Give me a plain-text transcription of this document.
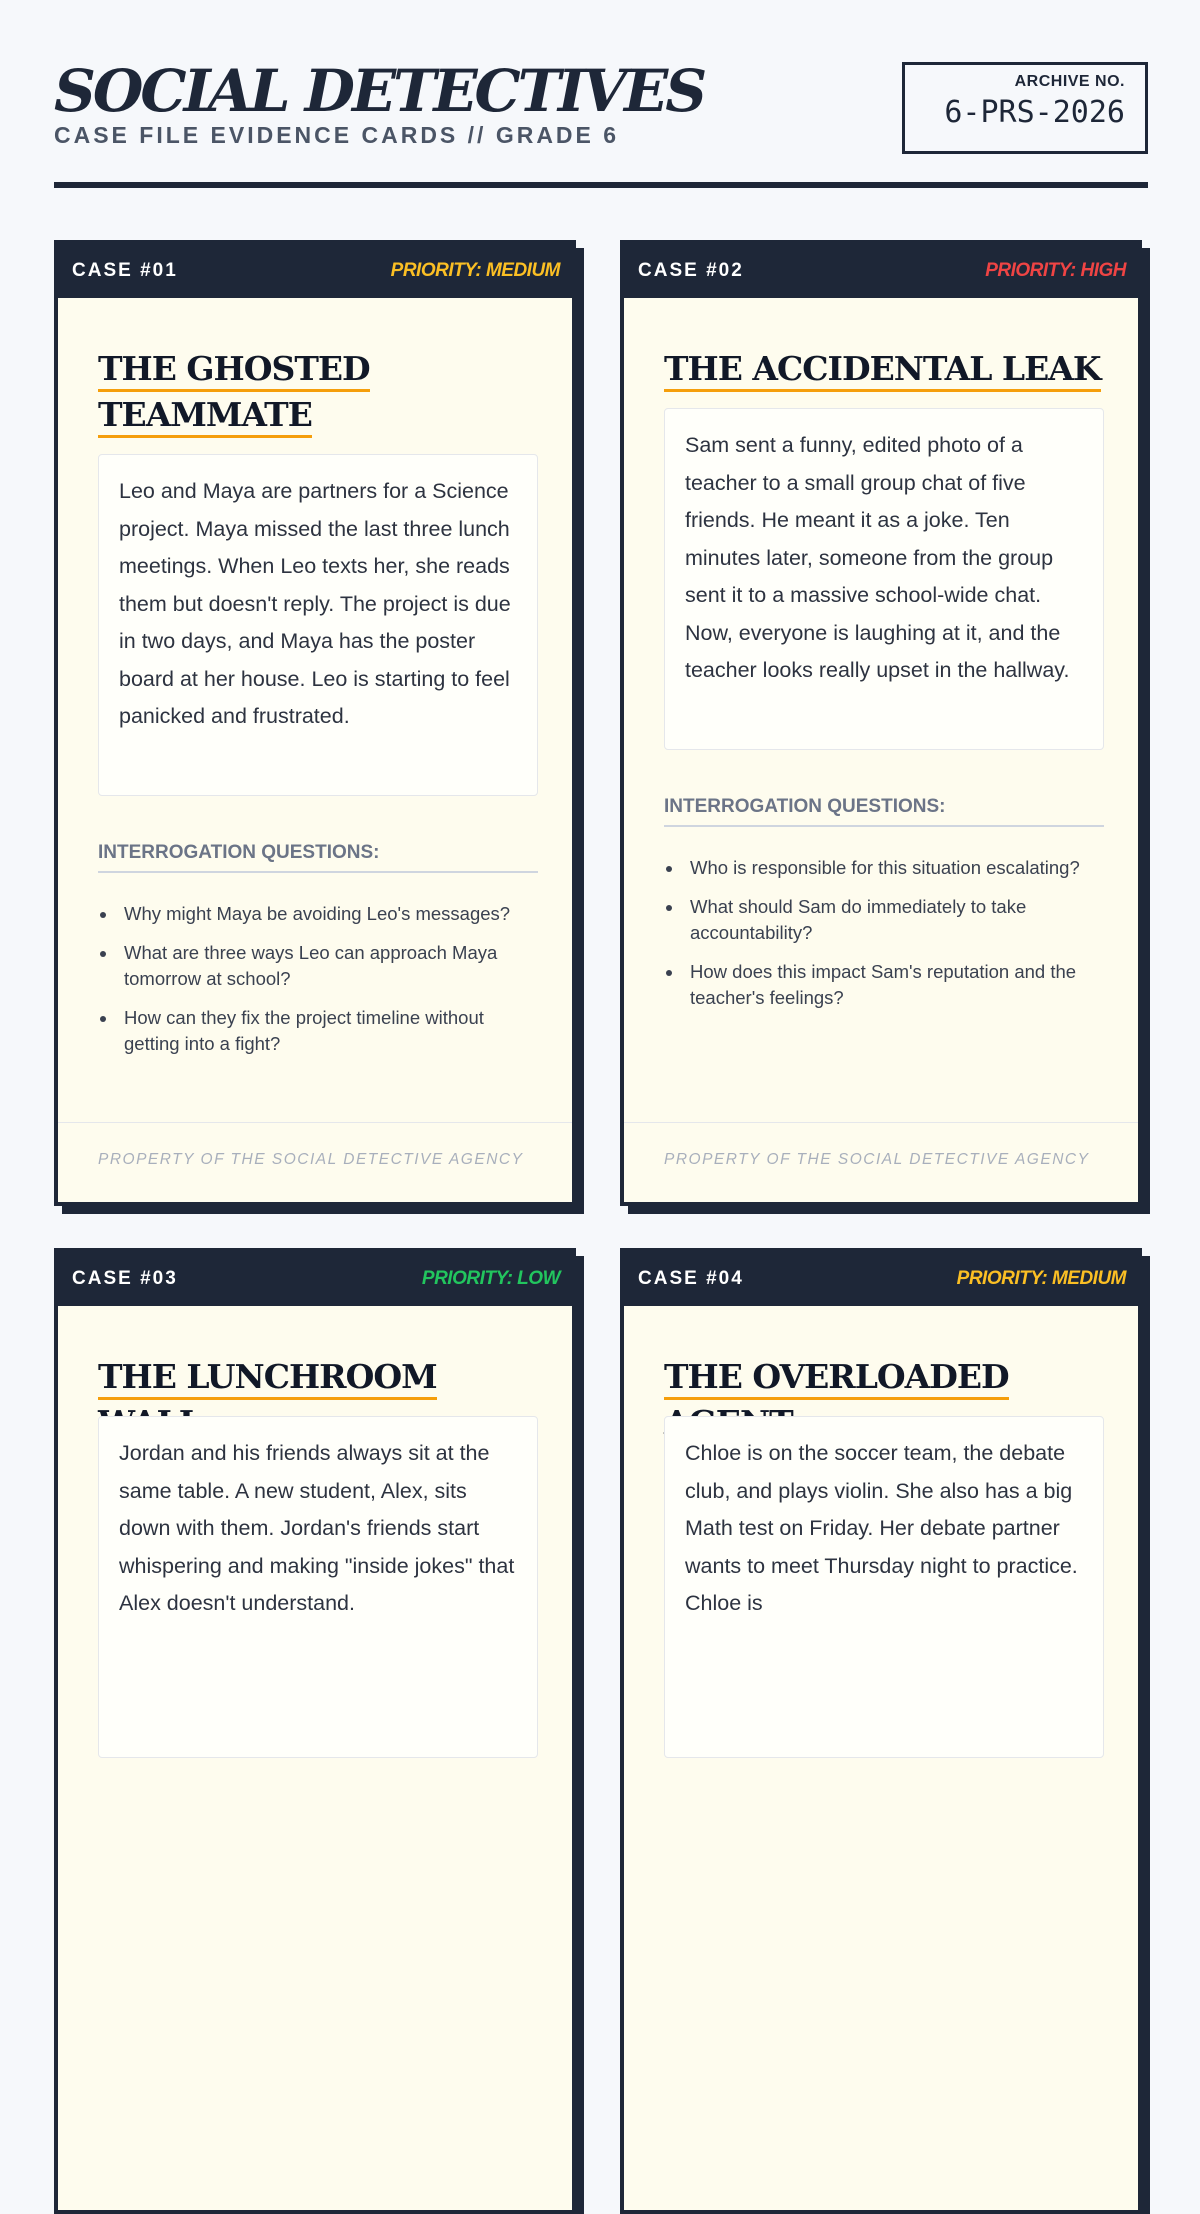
SOCIAL DETECTIVES
CASE FILE EVIDENCE CARDS // GRADE 6
ARCHIVE NO.
6-PRS-2026
CASE #01	PRIORITY: MEDIUM
THE GHOSTED TEAMMATE
Leo and Maya are partners for a Science project. Maya missed the last three lunch meetings. When Leo texts her, she reads them but doesn't reply. The project is due in two days, and Maya has the poster board at her house. Leo is starting to feel panicked and frustrated.
INTERROGATION QUESTIONS:
Why might Maya be avoiding Leo's messages?
What are three ways Leo can approach Maya tomorrow at school?
How can they fix the project timeline without getting into a fight?
PROPERTY OF THE SOCIAL DETECTIVE AGENCY
CASE #02	PRIORITY: HIGH
THE ACCIDENTAL LEAK
Sam sent a funny, edited photo of a teacher to a small group chat of five friends. He meant it as a joke. Ten minutes later, someone from the group sent it to a massive school-wide chat. Now, everyone is laughing at it, and the teacher looks really upset in the hallway.
INTERROGATION QUESTIONS:
Who is responsible for this situation escalating?
What should Sam do immediately to take accountability?
How does this impact Sam's reputation and the teacher's feelings?
PROPERTY OF THE SOCIAL DETECTIVE AGENCY
CASE #03	PRIORITY: LOW
THE LUNCHROOM
Jordan and his friends always sit at the same table. A new student, Alex, sits down with them. Jordan's friends start whispering and making "inside jokes" that Alex doesn't understand.
CASE #04	PRIORITY: MEDIUM
THE OVERLOADED
Chloe is on the soccer team, the debate club, and plays violin. She also has a big Math test on Friday. Her debate partner wants to meet Thursday night to practice. Chloe is
